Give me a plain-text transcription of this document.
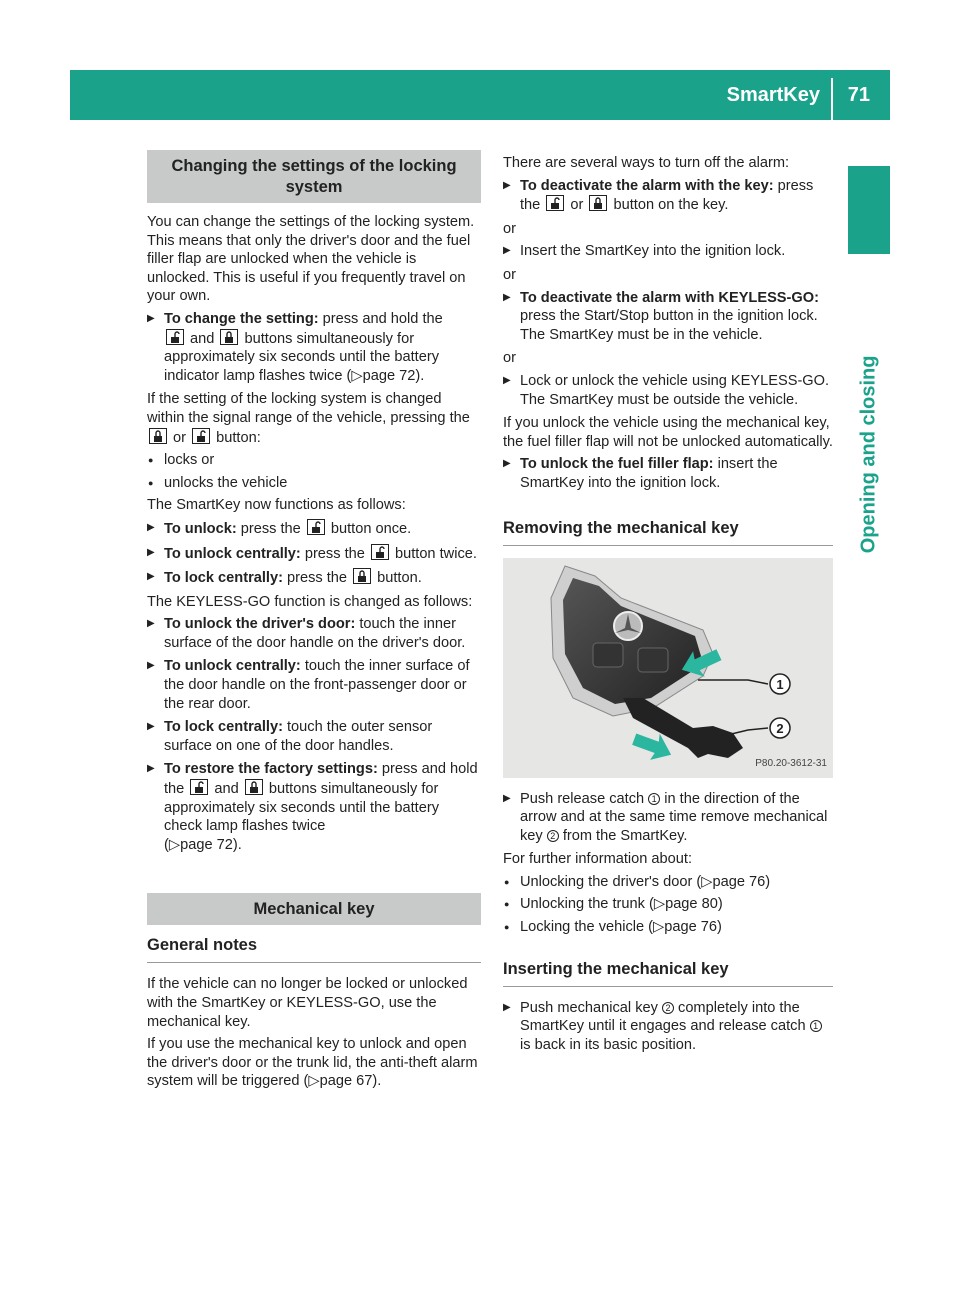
SmartKey 71
Opening and closing
Changing the settings of the locking system

You can change the settings of the locking system. This means that only the driver's door and the fuel filler flap are unlocked when the vehicle is unlocked. This is useful if you frequently travel on your own.

▶ To change the setting: press and hold the

and
buttons simultaneously for approximately six seconds until the battery indicator lamp flashes twice (▷page 72).

If the setting of the locking system is changed within the signal range of the vehicle, pressing the
or
button:

● locks or
● unlocks the vehicle

The SmartKey now functions as follows:

▶ To unlock: press the
button once.
▶ To unlock centrally: press the
button twice.
▶ To lock centrally: press the
button.

The KEYLESS-GO function is changed as follows:

▶ To unlock the driver's door: touch the inner surface of the door handle on the driver's door.
▶ To unlock centrally: touch the inner surface of the door handle on the front-passenger door or the rear door.
▶ To lock centrally: touch the outer sensor surface on one of the door handles.
▶ To restore the factory settings: press and hold the
and
buttons simultaneously for approximately six seconds until the battery check lamp flashes twice
(▷page 72).
Mechanical key
General notes

If the vehicle can no longer be locked or unlocked with the SmartKey or KEYLESS-GO, use the mechanical key.

If you use the mechanical key to unlock and open the driver's door or the trunk lid, the anti-theft alarm system will be triggered (▷page 67).

There are several ways to turn off the alarm:

▶ To deactivate the alarm with the key: press the
or
button on the key.

or

▶ Insert the SmartKey into the ignition lock.

or

▶ To deactivate the alarm with KEYLESS-GO: press the Start/Stop button in the ignition lock. The SmartKey must be in the vehicle.

or

▶ Lock or unlock the vehicle using KEYLESS-GO. The SmartKey must be outside the vehicle.

If you unlock the vehicle using the mechanical key, the fuel filler flap will not be unlocked automatically.

▶ To unlock the fuel filler flap: insert the SmartKey into the ignition lock.
Removing the mechanical key
1
2
P80.20-3612-31
▶ Push release catch 1 in the direction of the arrow and at the same time remove mechanical key 2 from the SmartKey.

For further information about:

● Unlocking the driver's door (▷page 76)
● Unlocking the trunk (▷page 80)
● Locking the vehicle (▷page 76)
Inserting the mechanical key
▶ Push mechanical key 2 completely into the SmartKey until it engages and release catch 1 is back in its basic position.
